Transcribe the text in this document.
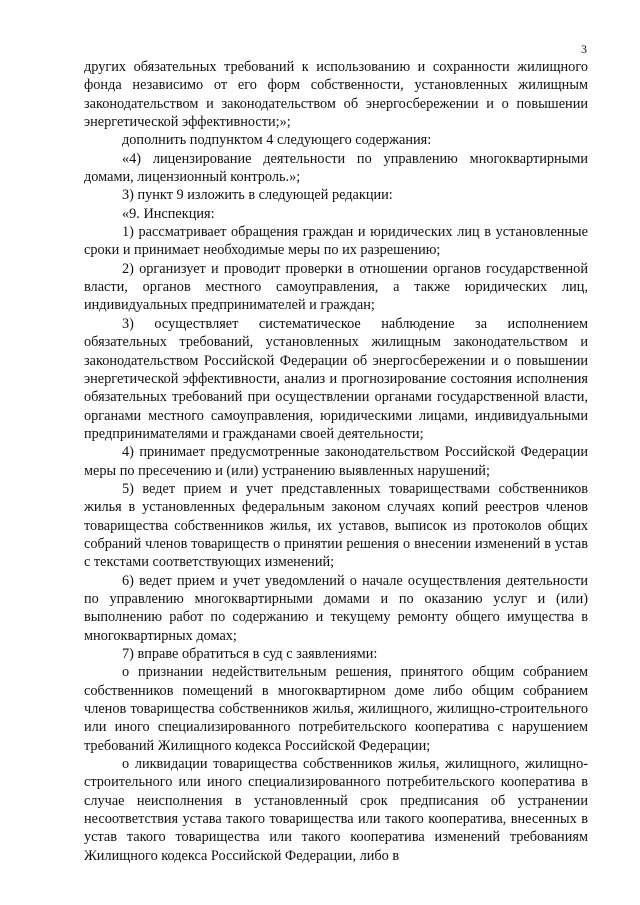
3

других обязательных требований к использованию и сохранности жилищного фонда независимо от его форм собственности, установленных жилищным законодательством и законодательством об энергосбережении и о повышении энергетической эффективности;»;

дополнить подпунктом 4 следующего содержания:

«4) лицензирование деятельности по управлению многоквартирными домами, лицензионный контроль.»;

3) пункт 9 изложить в следующей редакции:

«9. Инспекция:

1) рассматривает обращения граждан и юридических лиц в установленные сроки и принимает необходимые меры по их разрешению;

2) организует и проводит проверки в отношении органов государственной власти, органов местного самоуправления, а также юридических лиц, индивидуальных предпринимателей и граждан;

3) осуществляет систематическое наблюдение за исполнением обязательных требований, установленных жилищным законодательством и законодательством Российской Федерации об энергосбережении и о повышении энергетической эффективности, анализ и прогнозирование состояния исполнения обязательных требований при осуществлении органами государственной власти, органами местного самоуправления, юридическими лицами, индивидуальными предпринимателями и гражданами своей деятельности;

4) принимает предусмотренные законодательством Российской Федерации меры по пресечению и (или) устранению выявленных нарушений;

5) ведет прием и учет представленных товариществами собственников жилья в установленных федеральным законом случаях копий реестров членов товарищества собственников жилья, их уставов, выписок из протоколов общих собраний членов товариществ о принятии решения о внесении изменений в устав с текстами соответствующих изменений;

6) ведет прием и учет уведомлений о начале осуществления деятельности по управлению многоквартирными домами и по оказанию услуг и (или) выполнению работ по содержанию и текущему ремонту общего имущества в многоквартирных домах;

7) вправе обратиться в суд с заявлениями:

о признании недействительным решения, принятого общим собранием собственников помещений в многоквартирном доме либо общим собранием членов товарищества собственников жилья, жилищного, жилищно-строительного или иного специализированного потребительского кооператива с нарушением требований Жилищного кодекса Российской Федерации;

о ликвидации товарищества собственников жилья, жилищного, жилищно-строительного или иного специализированного потребительского кооператива в случае неисполнения в установленный срок предписания об устранении несоответствия устава такого товарищества или такого кооператива, внесенных в устав такого товарищества или такого кооператива изменений требованиям Жилищного кодекса Российской Федерации, либо в
